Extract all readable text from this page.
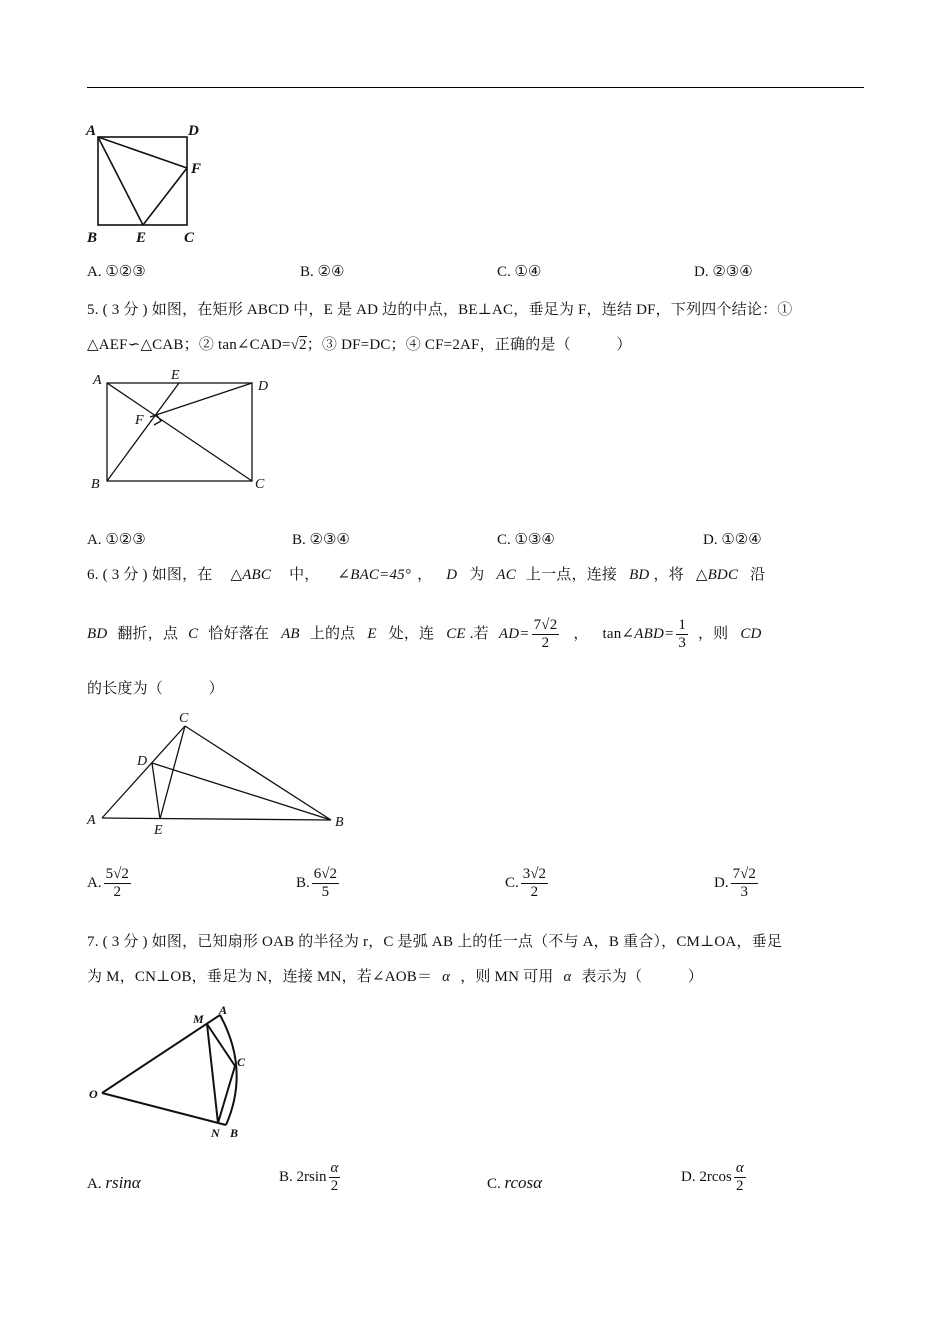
A	D
F
B	E	C
A. ①②③	B. ②④	C. ①④	D. ②③④
5. ( 3 分 ) 如图，在矩形 ABCD 中，E 是 AD 边的中点，BE⊥AC，垂足为 F，连结 DF，下列四个结论：①
△AEF∽△CAB；② tan∠CAD=√2；③ DF=DC；④ CF=2AF，正确的是（　　　）
A	E
D
F
B	C
A. ①②③	B. ②③④	C. ①③④	D. ①②④
6. ( 3 分 ) 如图，在 △ABC 中， ∠BAC=45° ， D 为 AC 上一点，连接 BD ，将 △BDC 沿
BD 翻折，点 C 恰好落在 AB 上的点 E 处，连 CE .若 $AD= \frac{7√2}{2}$ ， tan∠ABD= $\frac{1}{3}$ ，则 CD
的长度为（　　　）
C
D
A
E
B
A. $\frac{5√2}{2}$	B. $\frac{6√2}{5}$	C. $\frac{3√2}{2}$	D. $\frac{7√2}{3}$
7. ( 3 分 ) 如图，已知扇形 OAB 的半径为 r，C 是弧 AB 上的任一点（不与 A，B 重合），CM⊥OA，垂足
为 M，CN⊥OB，垂足为 N，连接 MN，若∠AOB＝ α ，则 MN 可用 α 表示为（　　　）
M
A
C
O
N B
A. rsinα	B. $2rsin \frac{\alpha}{2}$	C. rcosα	D. $2rcos \frac{\alpha}{2}$
